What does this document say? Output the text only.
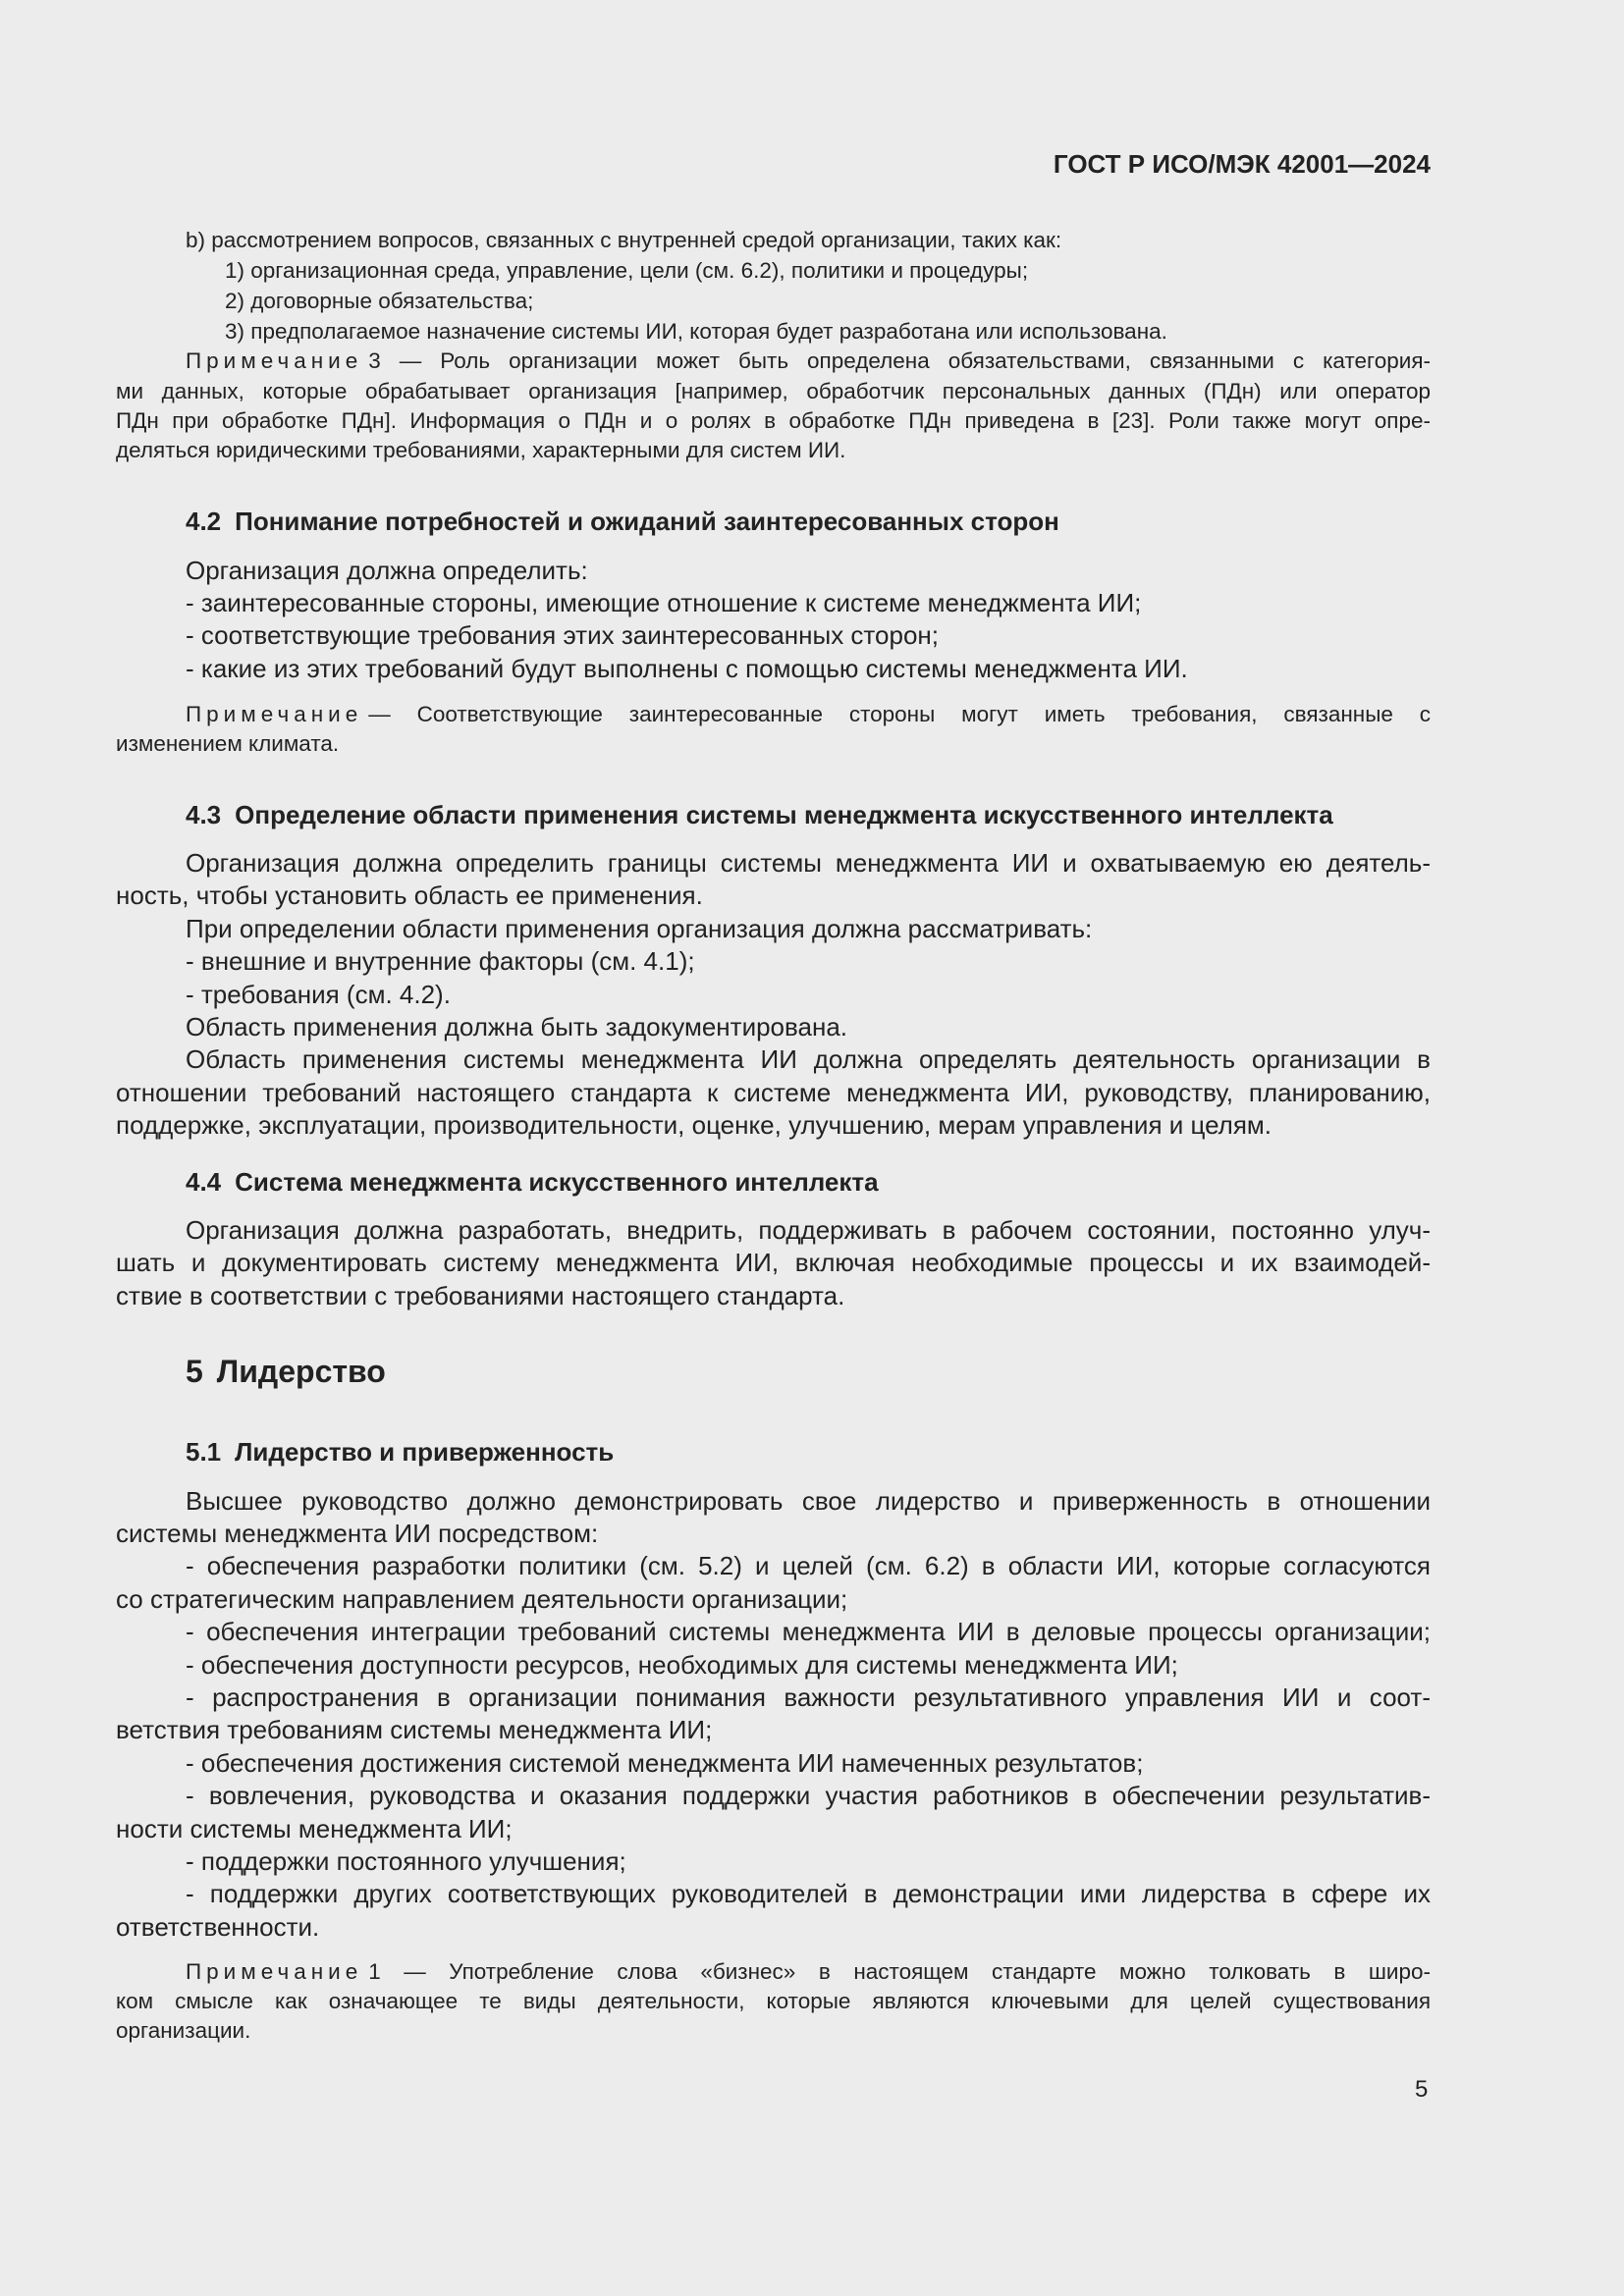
ГОСТ Р ИСО/МЭК 42001—2024

b) рассмотрением вопросов, связанных с внутренней средой организации, таких как:

1) организационная среда, управление, цели (см. 6.2), политики и процедуры;

2) договорные обязательства;

3) предполагаемое назначение системы ИИ, которая будет разработана или использована.

Примечание 3 — Роль организации может быть определена обязательствами, связанными с категория-

ми данных, которые обрабатывает организация [например, обработчик персональных данных (ПДн) или оператор

ПДн при обработке ПДн]. Информация о ПДн и о ролях в обработке ПДн приведена в [23]. Роли также могут опре-

деляться юридическими требованиями, характерными для систем ИИ.

4.2 Понимание потребностей и ожиданий заинтересованных сторон

Организация должна определить:

- заинтересованные стороны, имеющие отношение к системе менеджмента ИИ;

- соответствующие требования этих заинтересованных сторон;

- какие из этих требований будут выполнены с помощью системы менеджмента ИИ.

Примечание — Соответствующие заинтересованные стороны могут иметь требования, связанные с

изменением климата.

4.3 Определение области применения системы менеджмента искусственного интеллекта

Организация должна определить границы системы менеджмента ИИ и охватываемую ею деятель-

ность, чтобы установить область ее применения.

При определении области применения организация должна рассматривать:

- внешние и внутренние факторы (см. 4.1);

- требования (см. 4.2).

Область применения должна быть задокументирована.

Область применения системы менеджмента ИИ должна определять деятельность организации в

отношении требований настоящего стандарта к системе менеджмента ИИ, руководству, планированию,

поддержке, эксплуатации, производительности, оценке, улучшению, мерам управления и целям.

4.4 Система менеджмента искусственного интеллекта

Организация должна разработать, внедрить, поддерживать в рабочем состоянии, постоянно улуч-

шать и документировать систему менеджмента ИИ, включая необходимые процессы и их взаимодей-

ствие в соответствии с требованиями настоящего стандарта.

5 Лидерство
5.1 Лидерство и приверженность

Высшее руководство должно демонстрировать свое лидерство и приверженность в отношении

системы менеджмента ИИ посредством:

- обеспечения разработки политики (см. 5.2) и целей (см. 6.2) в области ИИ, которые согласуются

со стратегическим направлением деятельности организации;

- обеспечения интеграции требований системы менеджмента ИИ в деловые процессы организации;

- обеспечения доступности ресурсов, необходимых для системы менеджмента ИИ;

- распространения в организации понимания важности результативного управления ИИ и соот-

ветствия требованиям системы менеджмента ИИ;

- обеспечения достижения системой менеджмента ИИ намеченных результатов;

- вовлечения, руководства и оказания поддержки участия работников в обеспечении результатив-

ности системы менеджмента ИИ;

- поддержки постоянного улучшения;

- поддержки других соответствующих руководителей в демонстрации ими лидерства в сфере их

ответственности.

Примечание 1 — Употребление слова «бизнес» в настоящем стандарте можно толковать в широ-

ком смысле как означающее те виды деятельности, которые являются ключевыми для целей существования

организации.

5
